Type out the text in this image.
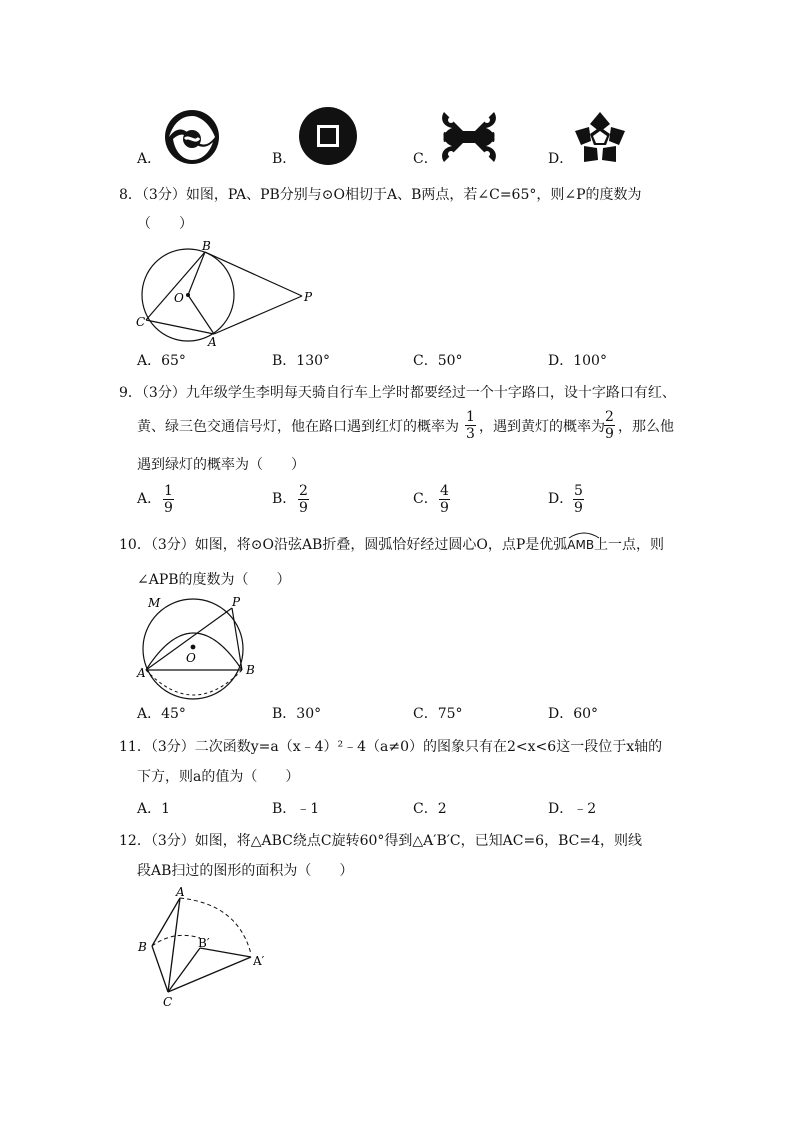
A．	B．	C．	D．
8．（3分）如图，PA、PB分别与⊙O相切于A、B两点，若∠C=65°，则∠P的度数为
（　　）
B
O	P
C
A
A．65°	B．130°	C．50°	D．100°
9．（3分）九年级学生李明每天骑自行车上学时都要经过一个十字路口，设十字路口有红、
黄、绿三色交通信号灯，他在路口遇到红灯的概率为 $\frac{1}{3}$ ，遇到黄灯的概率为 $\frac{2}{9}$ ，那么他
遇到绿灯的概率为（　　）
A． $\frac{1}{9}$	B． $\frac{2}{9}$	C． $\frac{4}{9}$	D． $\frac{5}{9}$
10．（3分）如图，将⊙O沿弦AB折叠，圆弧恰好经过圆心O，点P是优弧
AMB上一点，则
∠APB的度数为（　　）
M	P
O
A	B
A．45°	B．30°	C．75°	D．60°
11．（3分）二次函数y=a（x﹣4）²﹣4（a≠0）的图象只有在2<x<6这一段位于x轴的
下方，则a的值为（　　）
A．1	B．﹣1	C．2	D．﹣2
12．（3分）如图，将△ABC绕点C旋转60°得到△A′B′C，已知AC=6，BC=4，则线
段AB扫过的图形的面积为（　　）
A
B	B′
A′
C
